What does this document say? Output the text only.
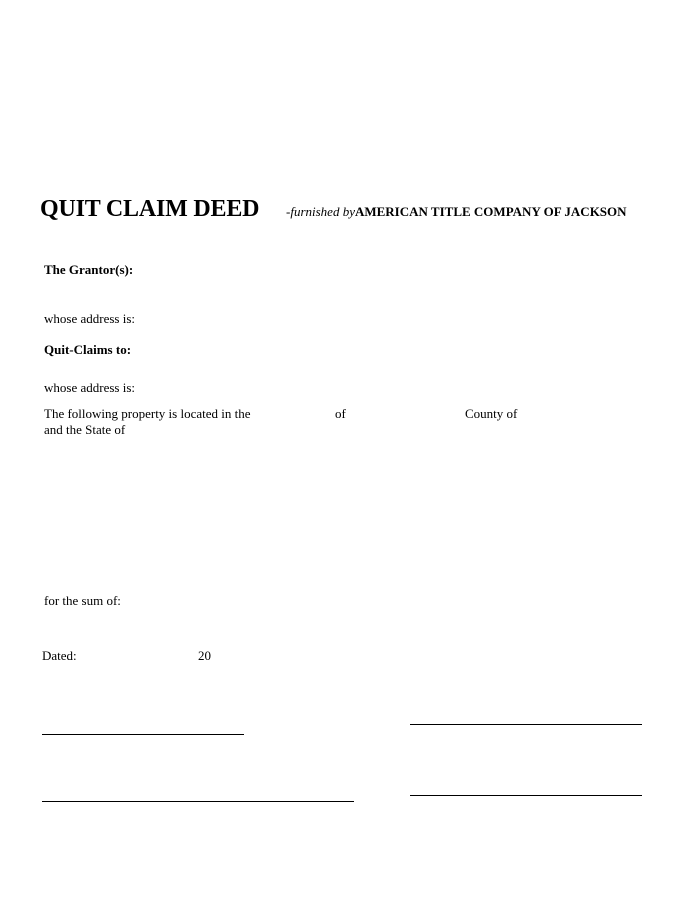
QUIT CLAIM DEED -furnished byAMERICAN TITLE COMPANY OF JACKSON
The Grantor(s):
whose address is:
Quit-Claims to:
whose address is:
The following property is located in the	of	County of
and the State of
for the sum of:
Dated:	20
